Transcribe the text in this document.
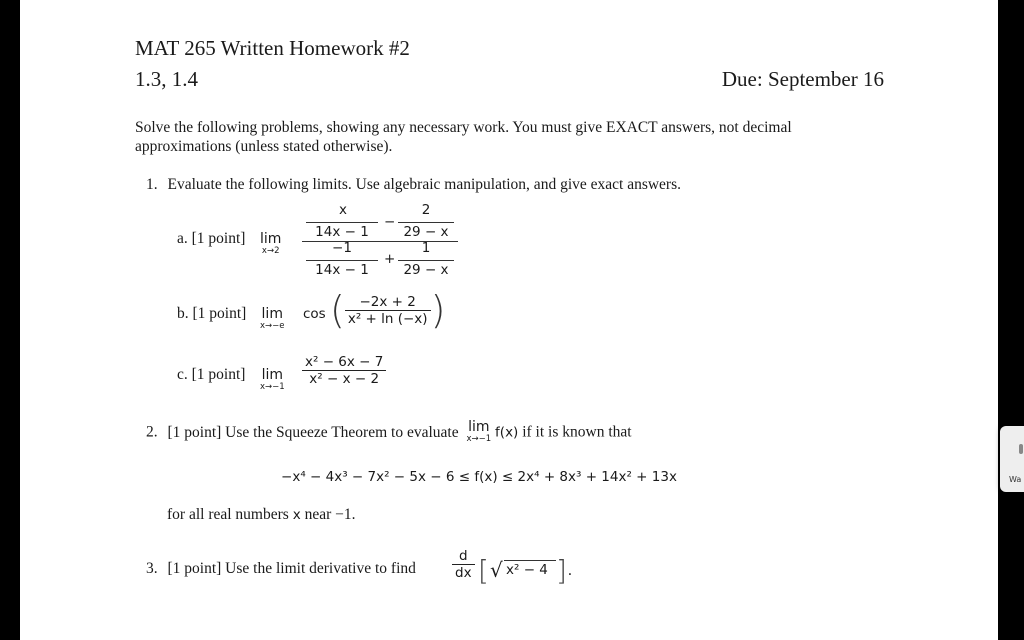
MAT 265 Written Homework #2
1.3, 1.4	Due: September 16
Solve the following problems, showing any necessary work. You must give EXACT answers, not decimal approximations (unless stated otherwise).
1. Evaluate the following limits. Use algebraic manipulation, and give exact answers.
a. [1 point] lim
x→2
x
14x − 1
−
2
29 − x
−1
14x − 1
+
1
29 − x
b. [1 point] lim
x→−e
cos ( $\frac{-2x + 2}{\text{x² + ln (−x)}}$ )
c. [1 point] lim
$x\to-1 \frac{\text{x² − 6x − 7}}{\text{x² − x − 2}}$
2. [1 point] Use the Squeeze Theorem to evaluate lim
x→−1 f(x) if it is known that
−x⁴ − 4x³ − 7x² − 5x − 6 ≤ f(x) ≤ 2x⁴ + 8x³ + 14x² + 13x
for all real numbers x near −1.
3. [1 point] Use the limit derivative to find	$\frac{d}{dx}$ [ √ x² − 4 ] .
Wa
